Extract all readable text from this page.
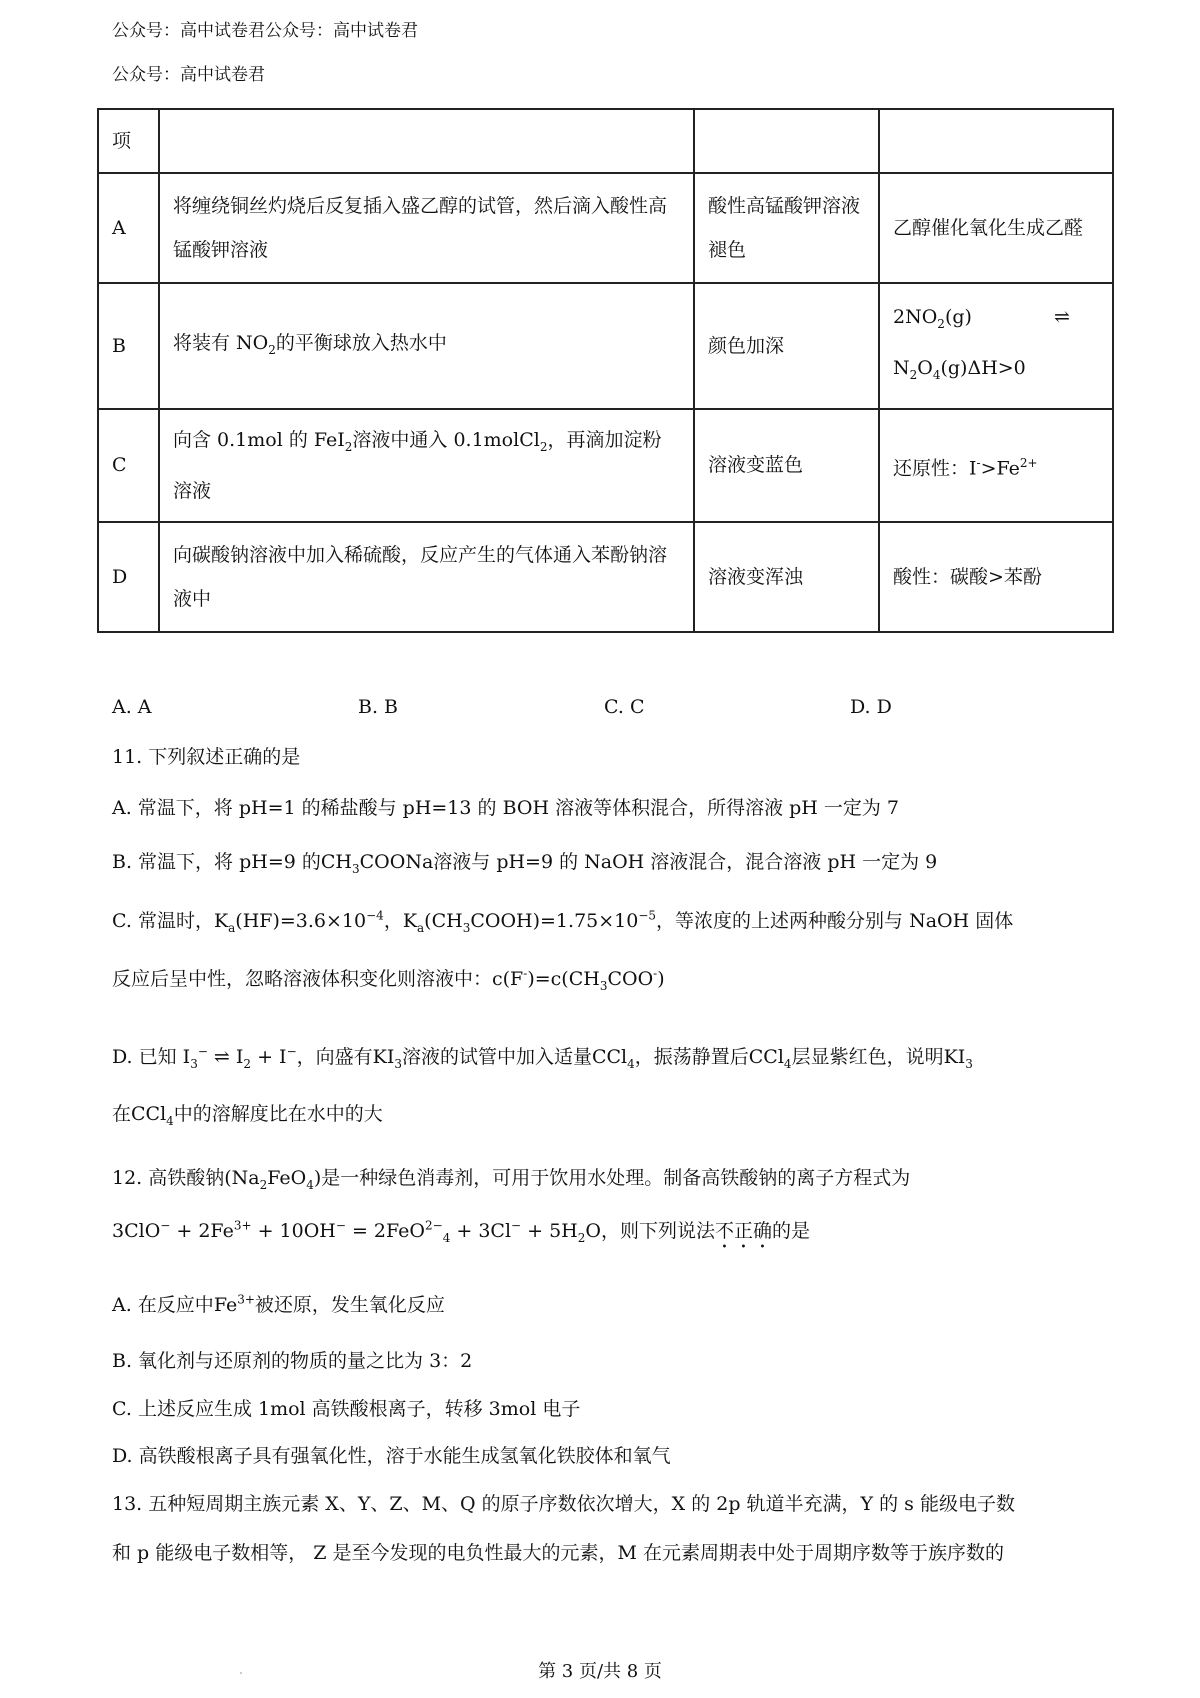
公众号：高中试卷君公众号：高中试卷君
公众号：高中试卷君
项			
A	将缠绕铜丝灼烧后反复插入盛乙醇的试管，然后滴入酸性高锰酸钾溶液	酸性高锰酸钾溶液褪色	乙醇催化氧化生成乙醛
B	将装有 $NO_2$的平衡球放入热水中	颜色加深	$2NO_2(g)$ ⇌
$N_2O_4(g)\Delta H>0$

C	向含 0.1mol 的 FeI$_2$溶液中通入 0.1molCl$_2$，再滴加淀粉溶液	溶液变蓝色	还原性：$I^->Fe^{2+}$
D	向碳酸钠溶液中加入稀硫酸，反应产生的气体通入苯酚钠溶液中	溶液变浑浊	酸性：碳酸>苯酚
A. A	B. B	C. C	D. D
11. 下列叙述正确的是
A. 常温下，将 pH=1 的稀盐酸与 pH=13 的 BOH 溶液等体积混合，所得溶液 pH 一定为 7
B. 常温下，将 pH=9 的$CH_3COONa$溶液与 pH=9 的 NaOH 溶液混合，混合溶液 pH 一定为 9
C. 常温时，$K_a(HF)=3.6\times 10^{-4}$，$K_a(CH_3COOH)=1.75\times 10^{-5}$，等浓度的上述两种酸分别与 NaOH 固体
反应后呈中性，忽略溶液体积变化则溶液中：$c(F^-)=c(CH_3COO^-)$
D. 已知 $I_3^-$ ⇌ $I_2 + I^-$，向盛有$KI_3$溶液的试管中加入适量CCl$_4$，振荡静置后CCl$_4$层显紫红色，说明$KI_3$
在CCl$_4$中的溶解度比在水中的大
12. 高铁酸钠$(Na_2FeO_4)$是一种绿色消毒剂，可用于饮用水处理。制备高铁酸钠的离子方程式为
$3ClO^- + 2Fe^{3+} + 10OH^- = 2FeO^{2-}_4 + 3Cl^- + 5H_2O$，则下列说法不正确的是
A. 在反应中$Fe^{3+}$被还原，发生氧化反应
B. 氧化剂与还原剂的物质的量之比为 3：2
C. 上述反应生成 1mol 高铁酸根离子，转移 3mol 电子
D. 高铁酸根离子具有强氧化性，溶于水能生成氢氧化铁胶体和氧气
13. 五种短周期主族元素 X、Y、Z、M、Q 的原子序数依次增大，X 的 2p 轨道半充满，Y 的 s 能级电子数
和 p 能级电子数相等， Z 是至今发现的电负性最大的元素，M 在元素周期表中处于周期序数等于族序数的
第 3 页/共 8 页
